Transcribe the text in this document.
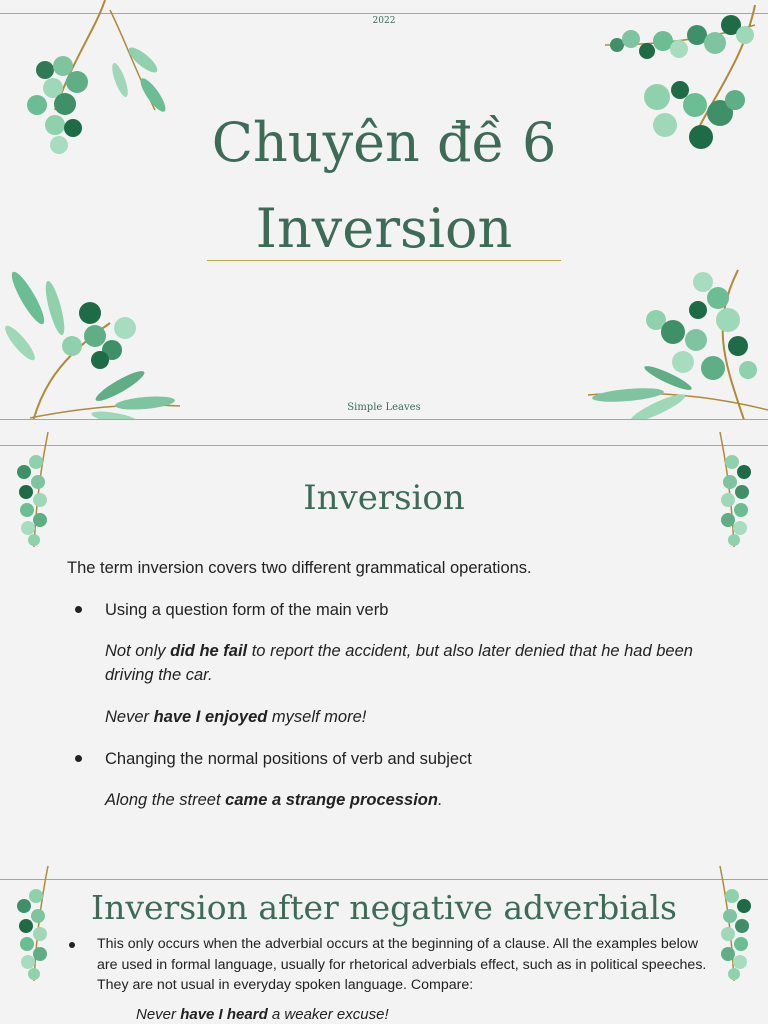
2022
Chuyên đề 6
Inversion
Simple Leaves
Inversion
The term inversion covers two different grammatical operations.
Using a question form of the main verb
Not only did he fail to report the accident, but also later denied that he had been driving the car.
Never have I enjoyed myself more!
Changing the normal positions of verb and subject
Along the street came a strange procession.
Inversion after negative adverbials
This only occurs when the adverbial occurs at the beginning of a clause. All the examples below are used in formal language, usually for rhetorical adverbials effect, such as in political speeches. They are not usual in everyday spoken language. Compare:
Never have I heard a weaker excuse!
